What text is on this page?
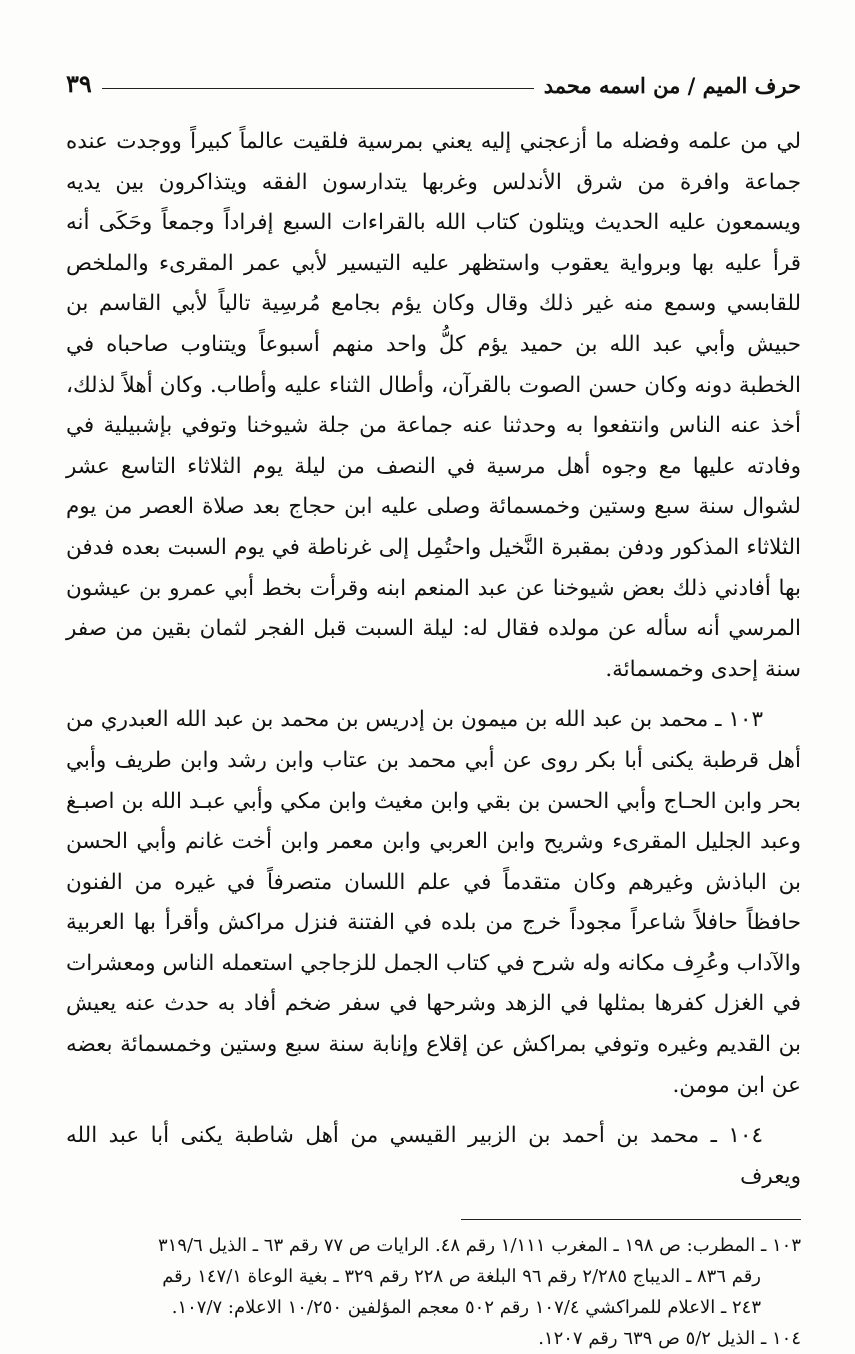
حرف الميم / من اسمه محمد
٣٩

لي من علمه وفضله ما أزعجني إليه يعني بمرسية فلقيت عالماً كبيراً ووجدت عنده جماعة وافرة من شرق الأندلس وغربها يتدارسون الفقه ويتذاكرون بين يديه ويسمعون عليه الحديث ويتلون كتاب الله بالقراءات السبع إفراداً وجمعاً وحَكَى أنه قرأ عليه بها وبرواية يعقوب واستظهر عليه التيسير لأبي عمر المقرىء والملخص للقابسي وسمع منه غير ذلك وقال وكان يؤم بجامع مُرسِية تالياً لأبي القاسم بن حبيش وأبي عبد الله بن حميد يؤم كلُّ واحد منهم أسبوعاً ويتناوب صاحباه في الخطبة دونه وكان حسن الصوت بالقرآن، وأطال الثناء عليه وأطاب. وكان أهلاً لذلك، أخذ عنه الناس وانتفعوا به وحدثنا عنه جماعة من جلة شيوخنا وتوفي بإشبيلية في وفادته عليها مع وجوه أهل مرسية في النصف من ليلة يوم الثلاثاء التاسع عشر لشوال سنة سبع وستين وخمسمائة وصلى عليه ابن حجاج بعد صلاة العصر من يوم الثلاثاء المذكور ودفن بمقبرة النَّخيل واحتُمِل إلى غرناطة في يوم السبت بعده فدفن بها أفادني ذلك بعض شيوخنا عن عبد المنعم ابنه وقرأت بخط أبي عمرو بن عيشون المرسي أنه سأله عن مولده فقال له: ليلة السبت قبل الفجر لثمان بقين من صفر سنة إحدى وخمسمائة.

١٠٣ ـ محمد بن عبد الله بن ميمون بن إدريس بن محمد بن عبد الله العبدري من أهل قرطبة يكنى أبا بكر روى عن أبي محمد بن عتاب وابن رشد وابن طريف وأبي بحر وابن الحـاج وأبي الحسن بن بقي وابن مغيث وابن مكي وأبي عبـد الله بن اصبـغ وعبد الجليل المقرىء وشريح وابن العربي وابن معمر وابن أخت غانم وأبي الحسن بن الباذش وغيرهم وكان متقدماً في علم اللسان متصرفاً في غيره من الفنون حافظاً حافلاً شاعراً مجوداً خرج من بلده في الفتنة فنزل مراكش وأقرأ بها العربية والآداب وعُرِف مكانه وله شرح في كتاب الجمل للزجاجي استعمله الناس ومعشرات في الغزل كفرها بمثلها في الزهد وشرحها في سفر ضخم أفاد به حدث عنه يعيش بن القديم وغيره وتوفي بمراكش عن إقلاع وإنابة سنة سبع وستين وخمسمائة بعضه عن ابن مومن.

١٠٤ ـ محمد بن أحمد بن الزبير القيسي من أهل شاطبة يكنى أبا عبد الله ويعرف

١٠٣ ـ المطرب: ص ١٩٨ ـ المغرب ١/١١١ رقم ٤٨. الرايات ص ٧٧ رقم ٦٣ ـ الذيل ٣١٩/٦

رقم ٨٣٦ ـ الديباج ٢/٢٨٥ رقم ٩٦ البلغة ص ٢٢٨ رقم ٣٢٩ ـ بغية الوعاة ١٤٧/١ رقم

٢٤٣ ـ الاعلام للمراكشي ١٠٧/٤ رقم ٥٠٢ معجم المؤلفين ١٠/٢٥٠ الاعلام: ١٠٧/٧.

١٠٤ ـ الذيل ٥/٢ ص ٦٣٩ رقم ١٢٠٧.
